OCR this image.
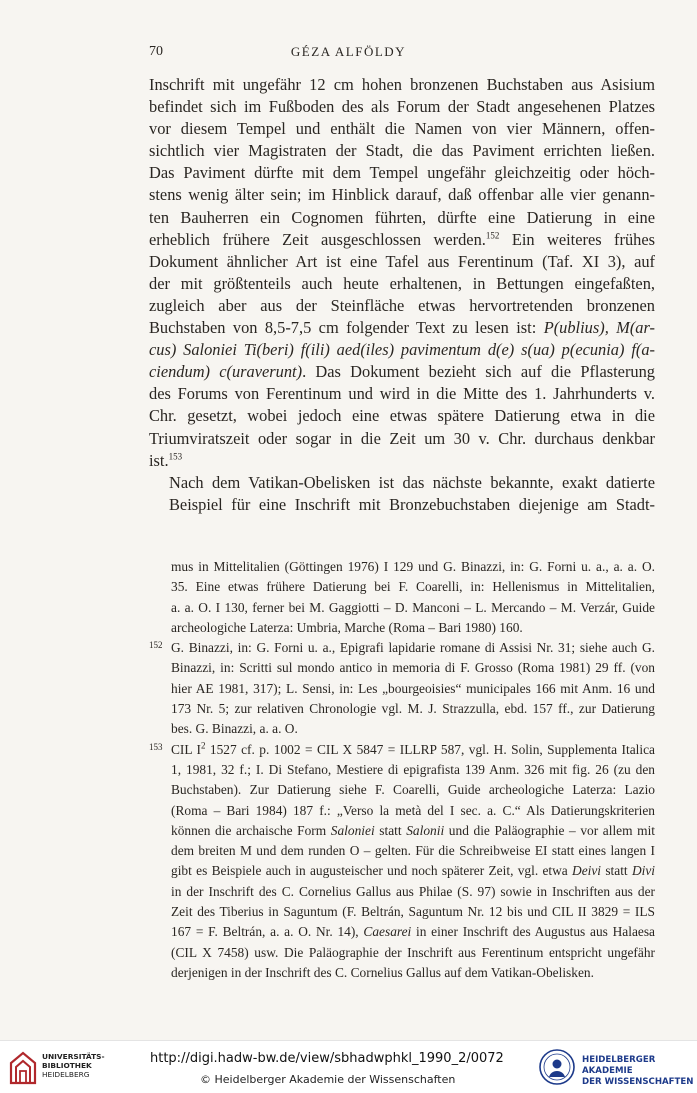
70	GÉZA ALFÖLDY

Inschrift mit ungefähr 12 cm hohen bronzenen Buchstaben aus Asisium
befindet sich im Fußboden des als Forum der Stadt angesehenen Platzes
vor diesem Tempel und enthält die Namen von vier Männern, offen-
sichtlich vier Magistraten der Stadt, die das Paviment errichten ließen.
Das Paviment dürfte mit dem Tempel ungefähr gleichzeitig oder höch-
stens wenig älter sein; im Hinblick darauf, daß offenbar alle vier genann-
ten Bauherren ein Cognomen führten, dürfte eine Datierung in eine
erheblich frühere Zeit ausgeschlossen werden.$^{152}$ Ein weiteres frühes
Dokument ähnlicher Art ist eine Tafel aus Ferentinum (Taf. XI 3), auf
der mit größtenteils auch heute erhaltenen, in Bettungen eingefaßten,
zugleich aber aus der Steinfläche etwas hervortretenden bronzenen
Buchstaben von 8,5-7,5 cm folgender Text zu lesen ist: P(ublius), M(ar-
cus) Saloniei Ti(beri) f(ili) aed(iles) pavimentum d(e) s(ua) p(ecunia) f(a-
ciendum) c(uraverunt). Das Dokument bezieht sich auf die Pflasterung
des Forums von Ferentinum und wird in die Mitte des 1. Jahrhunderts v.
Chr. gesetzt, wobei jedoch eine etwas spätere Datierung etwa in die
Triumviratszeit oder sogar in die Zeit um 30 v. Chr. durchaus denkbar
ist.$^{153}$

Nach dem Vatikan-Obelisken ist das nächste bekannte, exakt datierte
Beispiel für eine Inschrift mit Bronzebuchstaben diejenige am Stadt-

mus in Mittelitalien (Göttingen 1976) I 129 und G. Binazzi, in: G. Forni u. a., a. a. O.
35. Eine etwas frühere Datierung bei F. Coarelli, in: Hellenismus in Mittelitalien,
a. a. O. I 130, ferner bei M. Gaggiotti – D. Manconi – L. Mercando – M. Verzár, Guide
archeologiche Laterza: Umbria, Marche (Roma – Bari 1980) 160.
152 G. Binazzi, in: G. Forni u. a., Epigrafi lapidarie romane di Assisi Nr. 31; siehe auch G.
Binazzi, in: Scritti sul mondo antico in memoria di F. Grosso (Roma 1981) 29 ff. (von
hier AE 1981, 317); L. Sensi, in: Les „bourgeoisies“ municipales 166 mit Anm. 16 und
173 Nr. 5; zur relativen Chronologie vgl. M. J. Strazzulla, ebd. 157 ff., zur Datierung
bes. G. Binazzi, a. a. O.
153 CIL $I^2$ 1527 cf. p. 1002 = CIL X 5847 = ILLRP 587, vgl. H. Solin, Supplementa Italica
1, 1981, 32 f.; I. Di Stefano, Mestiere di epigrafista 139 Anm. 326 mit fig. 26 (zu den
Buchstaben). Zur Datierung siehe F. Coarelli, Guide archeologiche Laterza: Lazio
(Roma – Bari 1984) 187 f.: „Verso la metà del I sec. a. C.“ Als Datierungskriterien
können die archaische Form Saloniei statt Salonii und die Paläographie – vor allem mit
dem breiten M und dem runden O – gelten. Für die Schreibweise EI statt eines langen I
gibt es Beispiele auch in augusteischer und noch späterer Zeit, vgl. etwa Deivi statt Divi
in der Inschrift des C. Cornelius Gallus aus Philae (S. 97) sowie in Inschriften aus der
Zeit des Tiberius in Saguntum (F. Beltrán, Saguntum Nr. 12 bis und CIL II 3829 = ILS
167 = F. Beltrán, a. a. O. Nr. 14), Caesarei in einer Inschrift des Augustus aus Halaesa
(CIL X 7458) usw. Die Paläographie der Inschrift aus Ferentinum entspricht ungefähr
derjenigen in der Inschrift des C. Cornelius Gallus auf dem Vatikan-Obelisken.
UNIVERSITÄTS-
BIBLIOTHEK
HEIDELBERG
http://digi.hadw-bw.de/view/sbhadwphkl_1990_2/0072
© Heidelberger Akademie der Wissenschaften
HEIDELBERGER AKADEMIE
DER WISSENSCHAFTEN
